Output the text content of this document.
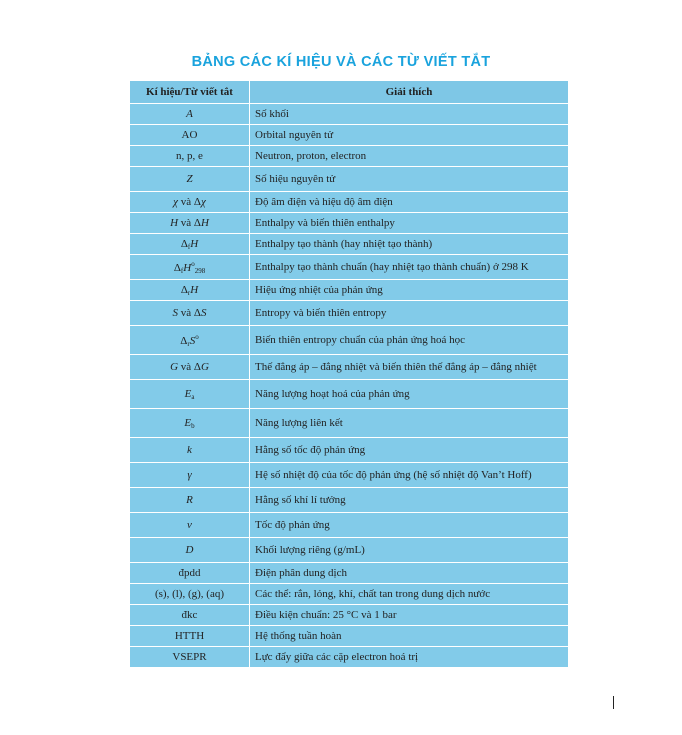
BẢNG CÁC KÍ HIỆU VÀ CÁC TỪ VIẾT TẮT
Kí hiệu/Từ viết tắt	Giải thích
A	Số khối
AO	Orbital nguyên tử
n, p, e	Neutron, proton, electron
Z	Số hiệu nguyên tử
χ và Δχ	Độ âm điện và hiệu độ âm điện
H và ΔH	Enthalpy và biến thiên enthalpy
$\Delta_fH$	Enthalpy tạo thành (hay nhiệt tạo thành)
$\Delta_fH^o_{298}$	Enthalpy tạo thành chuẩn (hay nhiệt tạo thành chuẩn) ở 298 K
$\Delta_rH$	Hiệu ứng nhiệt của phản ứng
S và ΔS	Entropy và biến thiên entropy
$\Delta_rS^o$	Biến thiên entropy chuẩn của phản ứng hoá học
G và ΔG	Thế đẳng áp – đẳng nhiệt và biến thiên thế đẳng áp – đẳng nhiệt
$E_a$	Năng lượng hoạt hoá của phản ứng
$E_b$	Năng lượng liên kết
k	Hằng số tốc độ phản ứng
γ	Hệ số nhiệt độ của tốc độ phản ứng (hệ số nhiệt độ Van’t Hoff)
R	Hằng số khí lí tưởng
v	Tốc độ phản ứng
D	Khối lượng riêng (g/mL)
đpdd	Điện phân dung dịch
(s), (l), (g), (aq)	Các thể: rắn, lỏng, khí, chất tan trong dung dịch nước
đkc	Điều kiện chuẩn: 25 °C và 1 bar
HTTH	Hệ thống tuần hoàn
VSEPR	Lực đẩy giữa các cặp electron hoá trị
